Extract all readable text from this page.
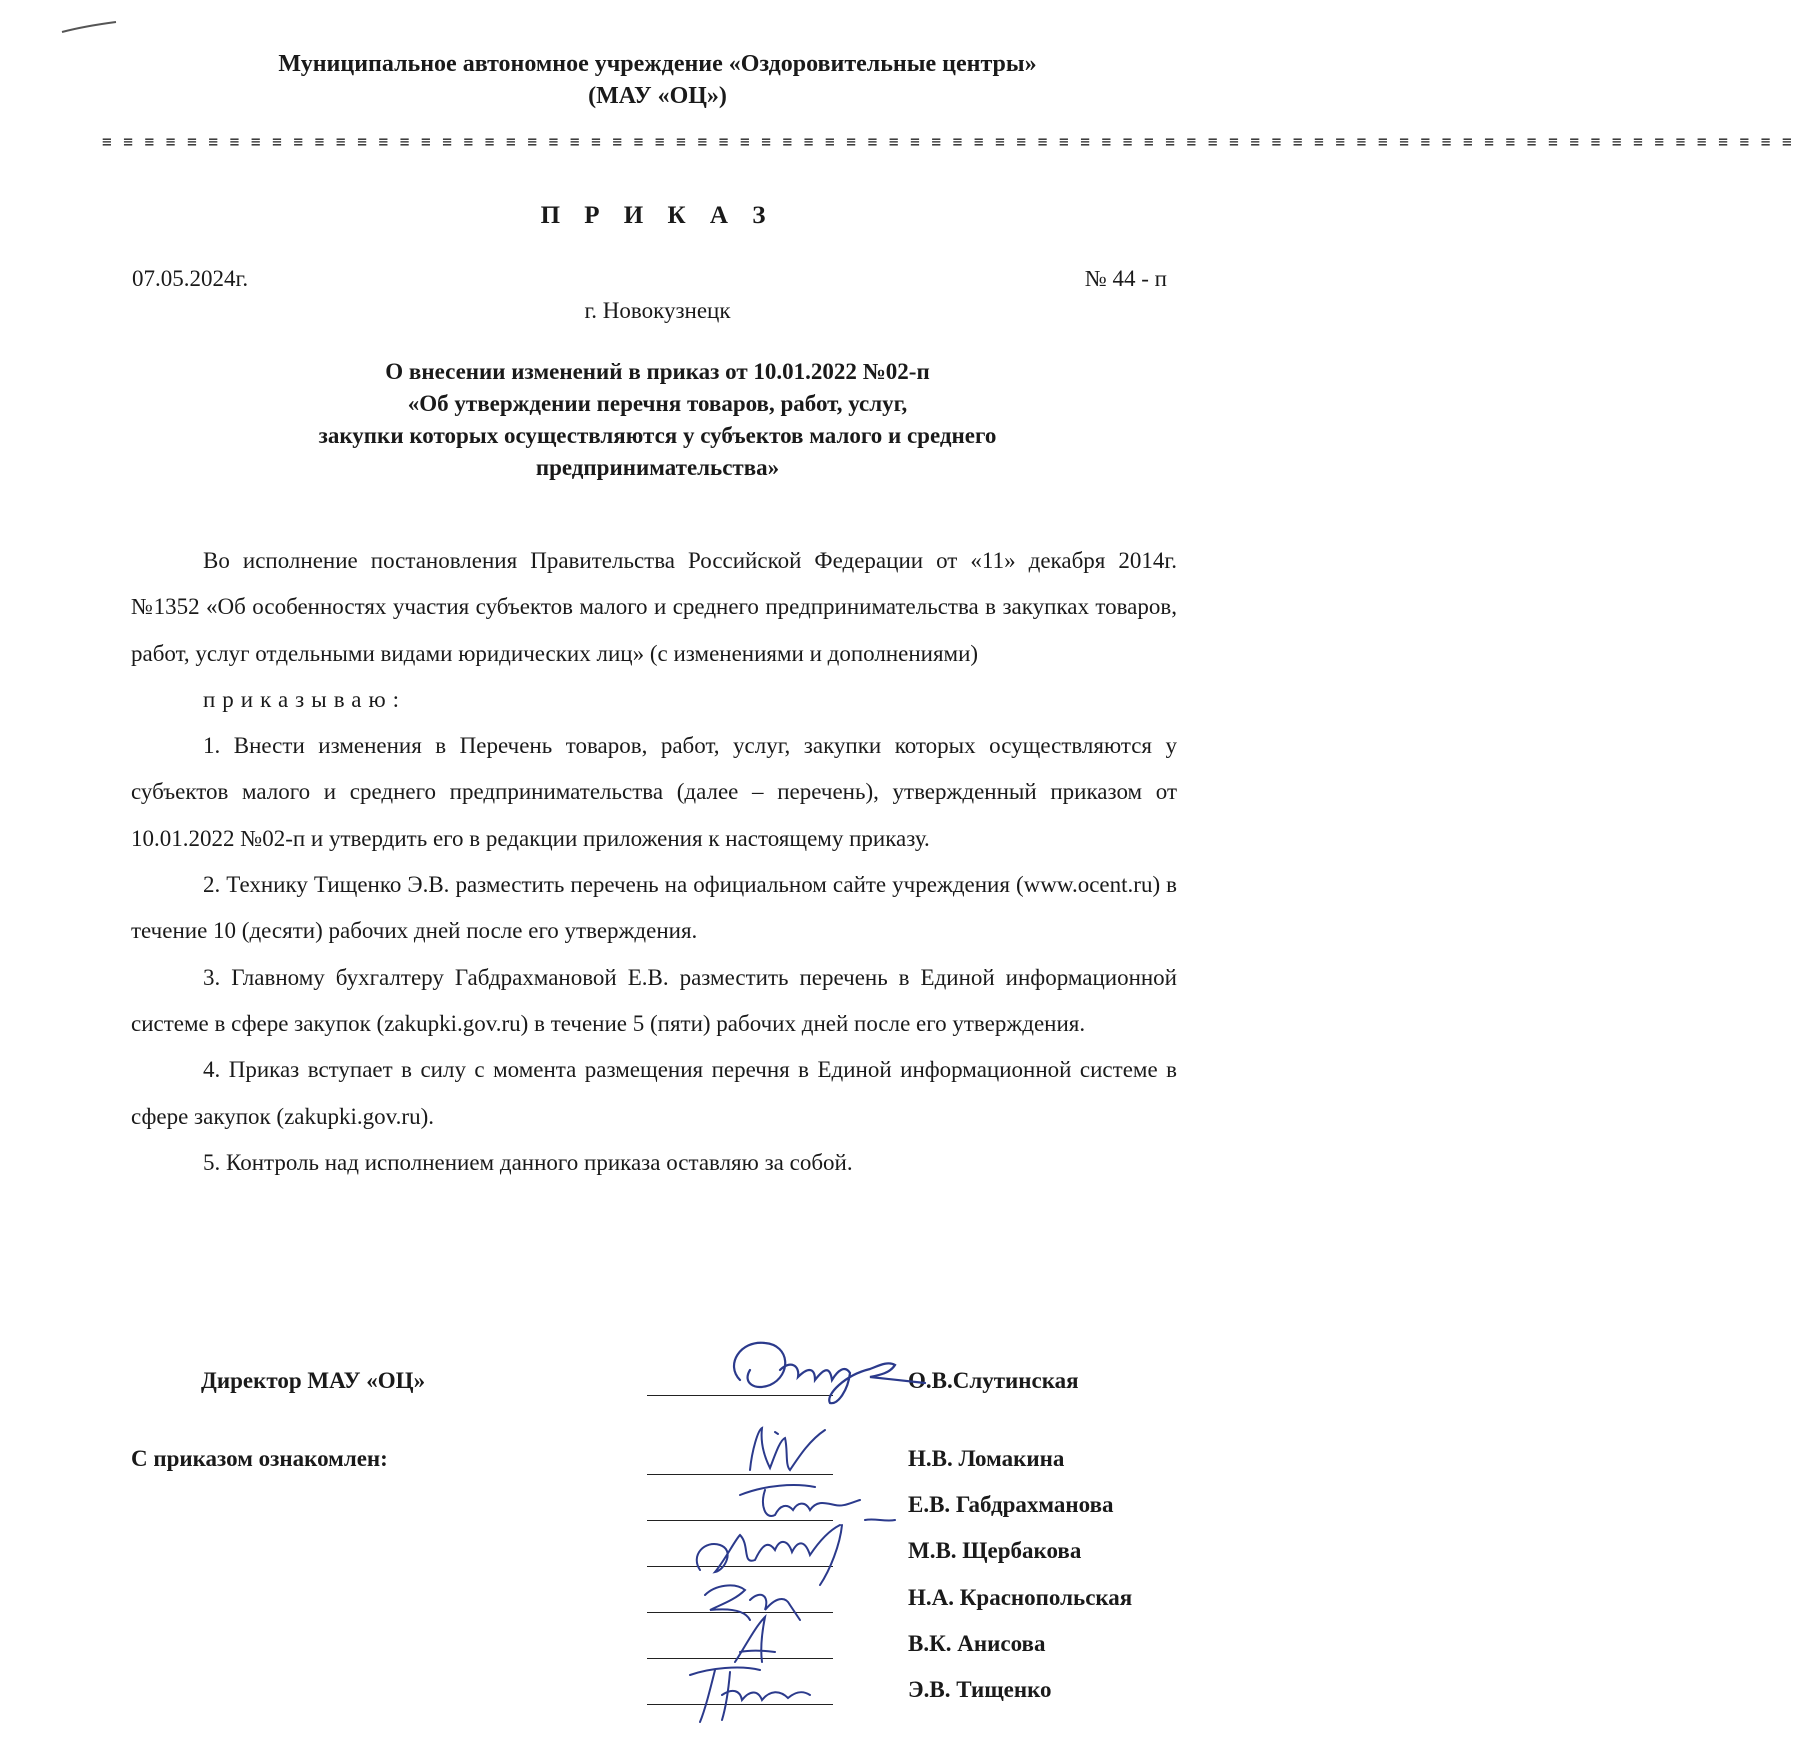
Муниципальное автономное учреждение «Оздоровительные центры»
(МАУ «ОЦ»)
≡ ≡ ≡ ≡ ≡ ≡ ≡ ≡ ≡ ≡ ≡ ≡ ≡ ≡ ≡ ≡ ≡ ≡ ≡ ≡ ≡ ≡ ≡ ≡ ≡ ≡ ≡ ≡ ≡ ≡ ≡ ≡ ≡ ≡ ≡ ≡ ≡ ≡ ≡ ≡ ≡ ≡ ≡ ≡ ≡ ≡ ≡ ≡ ≡ ≡ ≡ ≡ ≡ ≡ ≡ ≡ ≡ ≡ ≡ ≡ ≡ ≡ ≡ ≡ ≡ ≡ ≡ ≡ ≡ ≡ ≡ ≡ ≡ ≡ ≡ ≡ ≡ ≡ ≡ ≡
П Р И К А З
07.05.2024г.	№ 44 - п
г. Новокузнецк
О внесении изменений в приказ от 10.01.2022 №02-п
«Об утверждении перечня товаров, работ, услуг,
закупки которых осуществляются у субъектов малого и среднего
предпринимательства»

Во исполнение постановления Правительства Российской Федерации от «11» декабря 2014г. №1352 «Об особенностях участия субъектов малого и среднего предпринимательства в закупках товаров, работ, услуг отдельными видами юридических лиц» (с изменениями и дополнениями)

приказываю:

1. Внести изменения в Перечень товаров, работ, услуг, закупки которых осуществляются у субъектов малого и среднего предпринимательства (далее – перечень), утвержденный приказом от 10.01.2022 №02-п и утвердить его в редакции приложения к настоящему приказу.

2. Технику Тищенко Э.В. разместить перечень на официальном сайте учреждения (www.ocent.ru) в течение 10 (десяти) рабочих дней после его утверждения.

3. Главному бухгалтеру Габдрахмановой Е.В. разместить перечень в Единой информационной системе в сфере закупок (zakupki.gov.ru) в течение 5 (пяти) рабочих дней после его утверждения.

4. Приказ вступает в силу с момента размещения перечня в Единой информационной системе в сфере закупок (zakupki.gov.ru).

5. Контроль над исполнением данного приказа оставляю за собой.

Директор МАУ «ОЦ»	О.В.Слутинская
С приказом ознакомлен:	Н.В. Ломакина
Е.В. Габдрахманова
М.В. Щербакова
Н.А. Краснопольская
В.К. Анисова
Э.В. Тищенко
